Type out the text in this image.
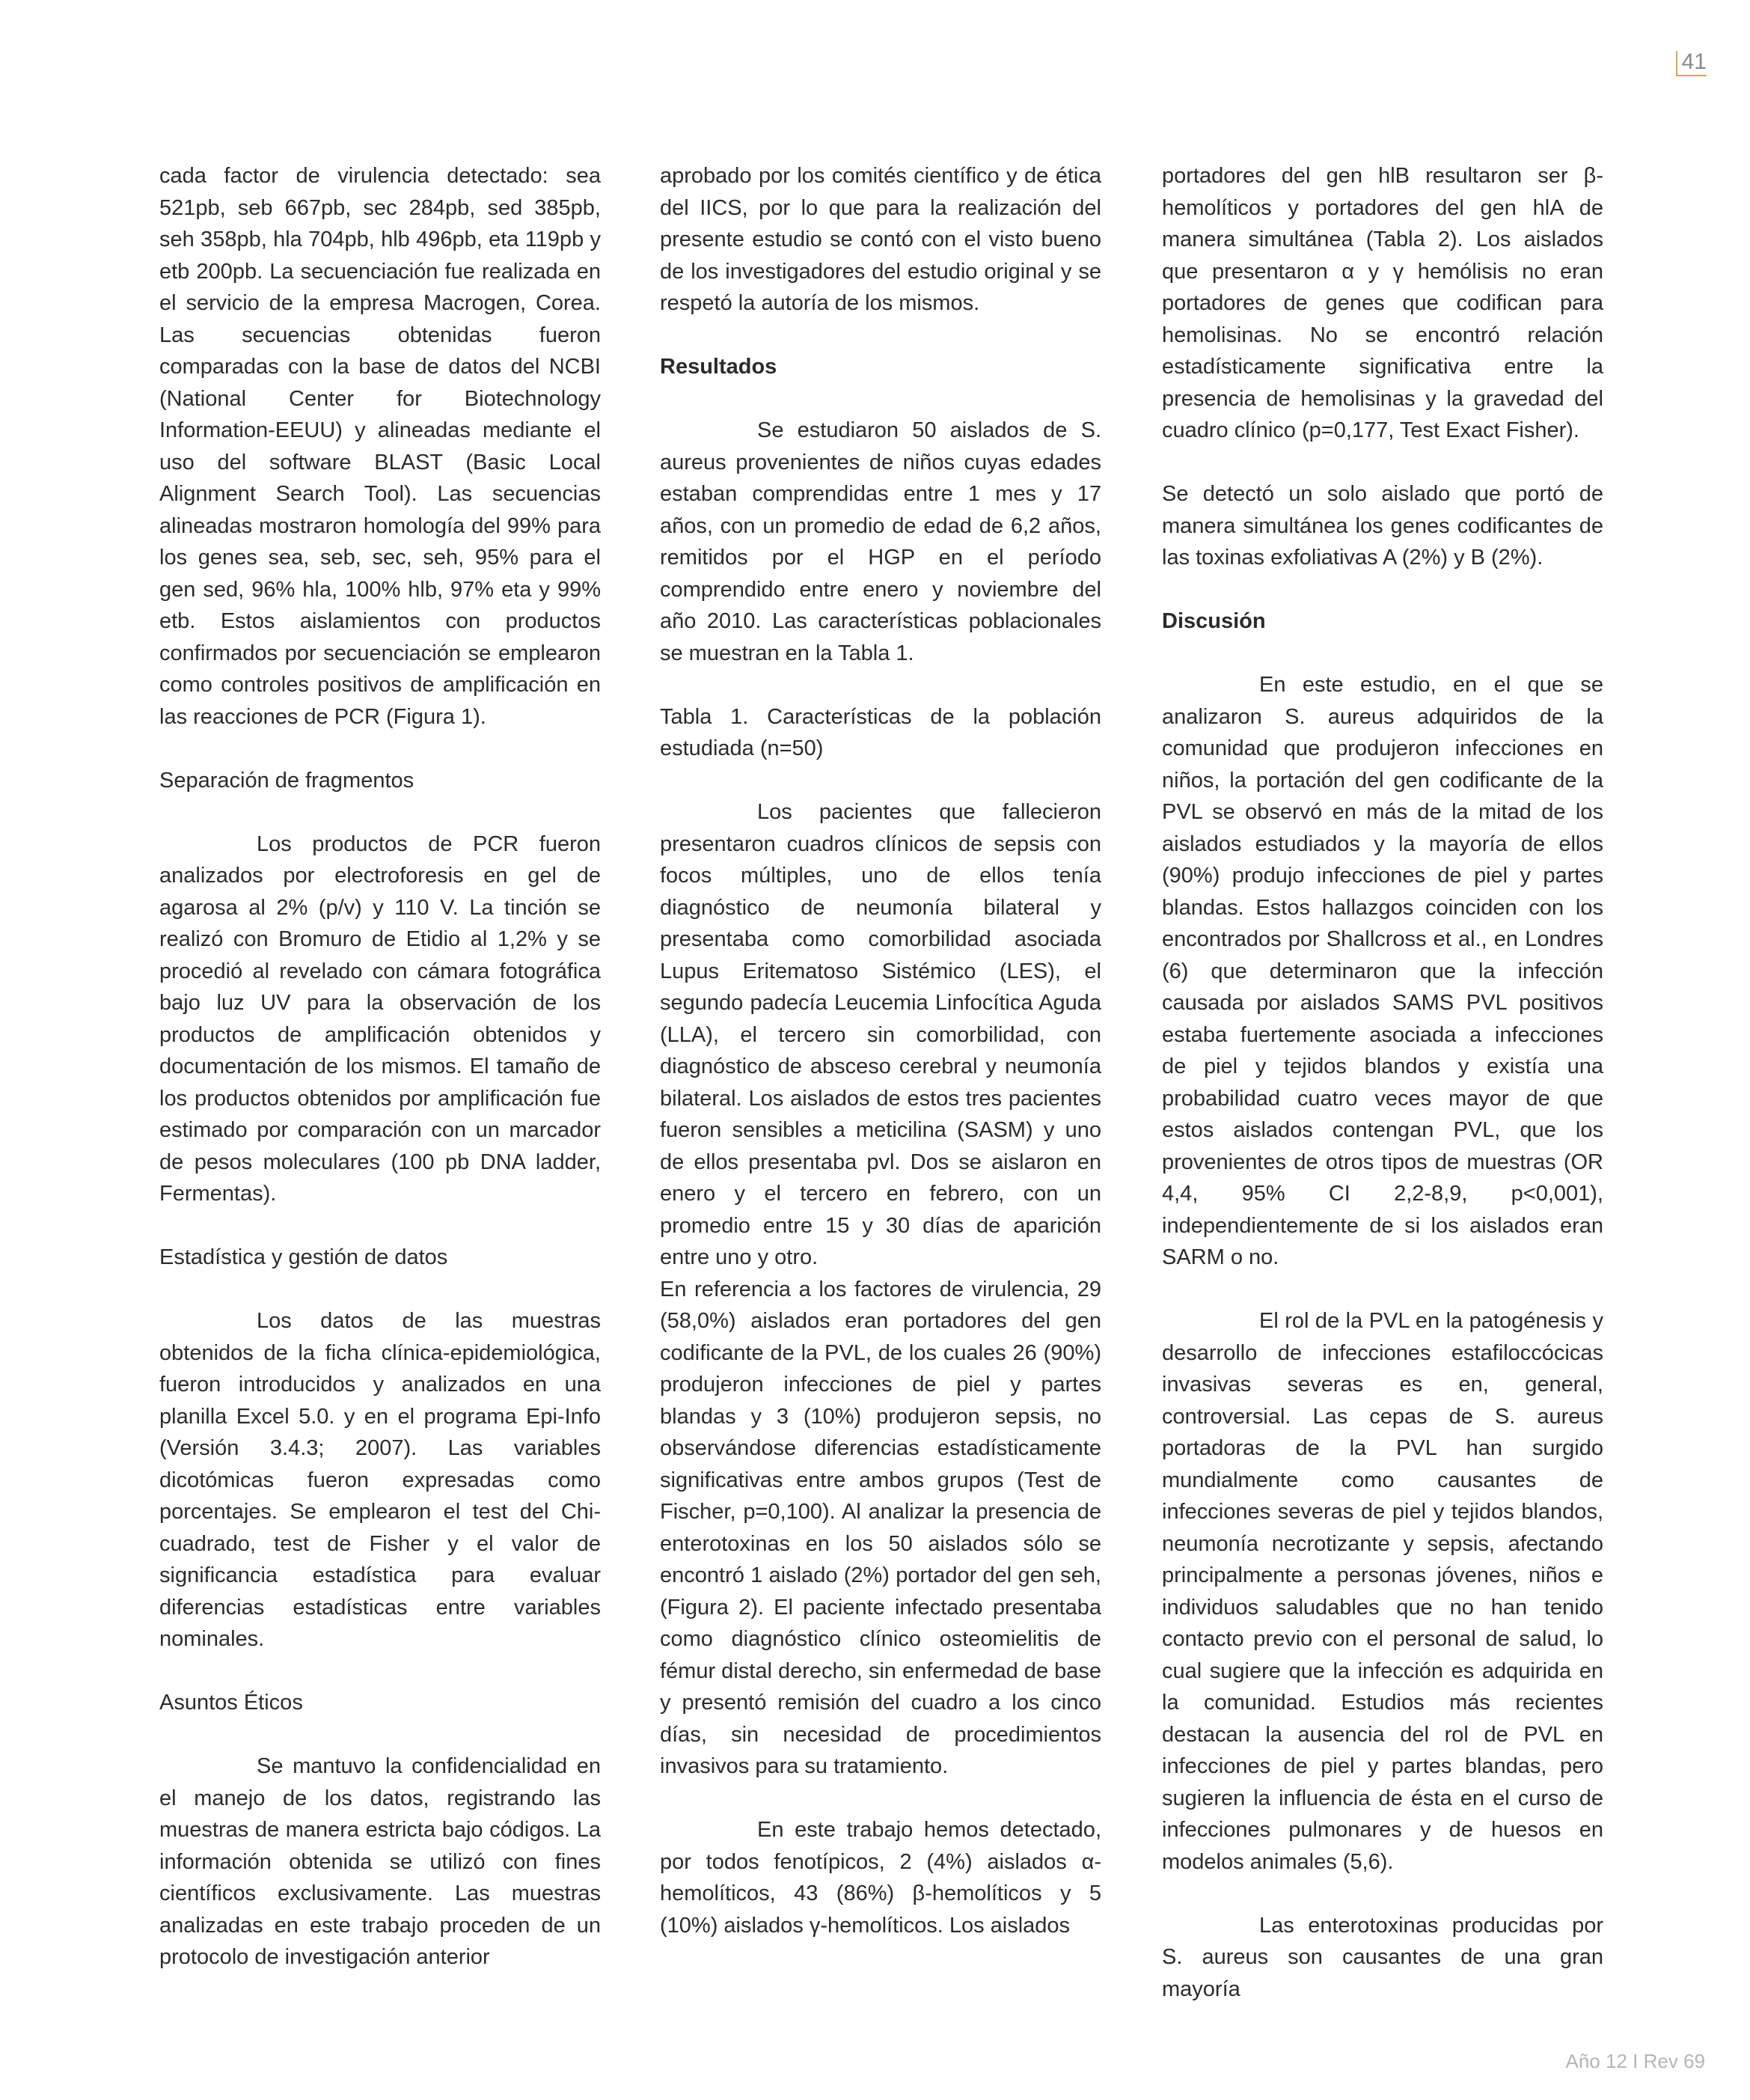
41

cada factor de virulencia detectado: sea 521pb, seb 667pb, sec 284pb, sed 385pb, seh 358pb, hla 704pb, hlb 496pb, eta 119pb y etb 200pb. La secuenciación fue realizada en el servicio de la empresa Macrogen, Corea. Las secuencias obtenidas fueron comparadas con la base de datos del NCBI (National Center for Biotechnology Information-EEUU) y alineadas mediante el uso del software BLAST (Basic Local Alignment Search Tool). Las secuencias alineadas mostraron homología del 99% para los genes sea, seb, sec, seh, 95% para el gen sed, 96% hla, 100% hlb, 97% eta y 99% etb. Estos aislamientos con productos confirmados por secuenciación se emplearon como controles positivos de amplificación en las reacciones de PCR (Figura 1).

Separación de fragmentos

Los productos de PCR fueron analizados por electroforesis en gel de agarosa al 2% (p/v) y 110 V. La tinción se realizó con Bromuro de Etidio al 1,2% y se procedió al revelado con cámara fotográfica bajo luz UV para la observación de los productos de amplificación obtenidos y documentación de los mismos. El tamaño de los productos obtenidos por amplificación fue estimado por comparación con un marcador de pesos moleculares (100 pb DNA ladder, Fermentas).

Estadística y gestión de datos

Los datos de las muestras obtenidos de la ficha clínica-epidemiológica, fueron introducidos y analizados en una planilla Excel 5.0. y en el programa Epi-Info (Versión 3.4.3; 2007). Las variables dicotómicas fueron expresadas como porcentajes. Se emplearon el test del Chi-cuadrado, test de Fisher y el valor de significancia estadística para evaluar diferencias estadísticas entre variables nominales.

Asuntos Éticos

Se mantuvo la confidencialidad en el manejo de los datos, registrando las muestras de manera estricta bajo códigos. La información obtenida se utilizó con fines científicos exclusivamente. Las muestras analizadas en este trabajo proceden de un protocolo de investigación anterior

aprobado por los comités científico y de ética del IICS, por lo que para la realización del presente estudio se contó con el visto bueno de los investigadores del estudio original y se respetó la autoría de los mismos.

Resultados

Se estudiaron 50 aislados de S. aureus provenientes de niños cuyas edades estaban comprendidas entre 1 mes y 17 años, con un promedio de edad de 6,2 años, remitidos por el HGP en el período comprendido entre enero y noviembre del año 2010. Las características poblacionales se muestran en la Tabla 1.

Tabla 1. Características de la población estudiada (n=50)

Los pacientes que fallecieron presentaron cuadros clínicos de sepsis con focos múltiples, uno de ellos tenía diagnóstico de neumonía bilateral y presentaba como comorbilidad asociada Lupus Eritematoso Sistémico (LES), el segundo padecía Leucemia Linfocítica Aguda (LLA), el tercero sin comorbilidad, con diagnóstico de absceso cerebral y neumonía bilateral. Los aislados de estos tres pacientes fueron sensibles a meticilina (SASM) y uno de ellos presentaba pvl. Dos se aislaron en enero y el tercero en febrero, con un promedio entre 15 y 30 días de aparición entre uno y otro.

En referencia a los factores de virulencia, 29 (58,0%) aislados eran portadores del gen codificante de la PVL, de los cuales 26 (90%) produjeron infecciones de piel y partes blandas y 3 (10%) produjeron sepsis, no observándose diferencias estadísticamente significativas entre ambos grupos (Test de Fischer, p=0,100). Al analizar la presencia de enterotoxinas en los 50 aislados sólo se encontró 1 aislado (2%) portador del gen seh, (Figura 2). El paciente infectado presentaba como diagnóstico clínico osteomielitis de fémur distal derecho, sin enfermedad de base y presentó remisión del cuadro a los cinco días, sin necesidad de procedimientos invasivos para su tratamiento.

En este trabajo hemos detectado, por todos fenotípicos, 2 (4%) aislados α-hemolíticos, 43 (86%) β-hemolíticos y 5 (10%) aislados γ-hemolíticos. Los aislados

portadores del gen hlB resultaron ser β-hemolíticos y portadores del gen hlA de manera simultánea (Tabla 2). Los aislados que presentaron α y γ hemólisis no eran portadores de genes que codifican para hemolisinas. No se encontró relación estadísticamente significativa entre la presencia de hemolisinas y la gravedad del cuadro clínico (p=0,177, Test Exact Fisher).

Se detectó un solo aislado que portó de manera simultánea los genes codificantes de las toxinas exfoliativas A (2%) y B (2%).

Discusión

En este estudio, en el que se analizaron S. aureus adquiridos de la comunidad que produjeron infecciones en niños, la portación del gen codificante de la PVL se observó en más de la mitad de los aislados estudiados y la mayoría de ellos (90%) produjo infecciones de piel y partes blandas. Estos hallazgos coinciden con los encontrados por Shallcross et al., en Londres (6) que determinaron que la infección causada por aislados SAMS PVL positivos estaba fuertemente asociada a infecciones de piel y tejidos blandos y existía una probabilidad cuatro veces mayor de que estos aislados contengan PVL, que los provenientes de otros tipos de muestras (OR 4,4, 95% CI 2,2-8,9, p<0,001), independientemente de si los aislados eran SARM o no.

El rol de la PVL en la patogénesis y desarrollo de infecciones estafiloccócicas invasivas severas es en, general, controversial. Las cepas de S. aureus portadoras de la PVL han surgido mundialmente como causantes de infecciones severas de piel y tejidos blandos, neumonía necrotizante y sepsis, afectando principalmente a personas jóvenes, niños e individuos saludables que no han tenido contacto previo con el personal de salud, lo cual sugiere que la infección es adquirida en la comunidad. Estudios más recientes destacan la ausencia del rol de PVL en infecciones de piel y partes blandas, pero sugieren la influencia de ésta en el curso de infecciones pulmonares y de huesos en modelos animales (5,6).

Las enterotoxinas producidas por S. aureus son causantes de una gran mayoría

Año 12 I Rev 69
